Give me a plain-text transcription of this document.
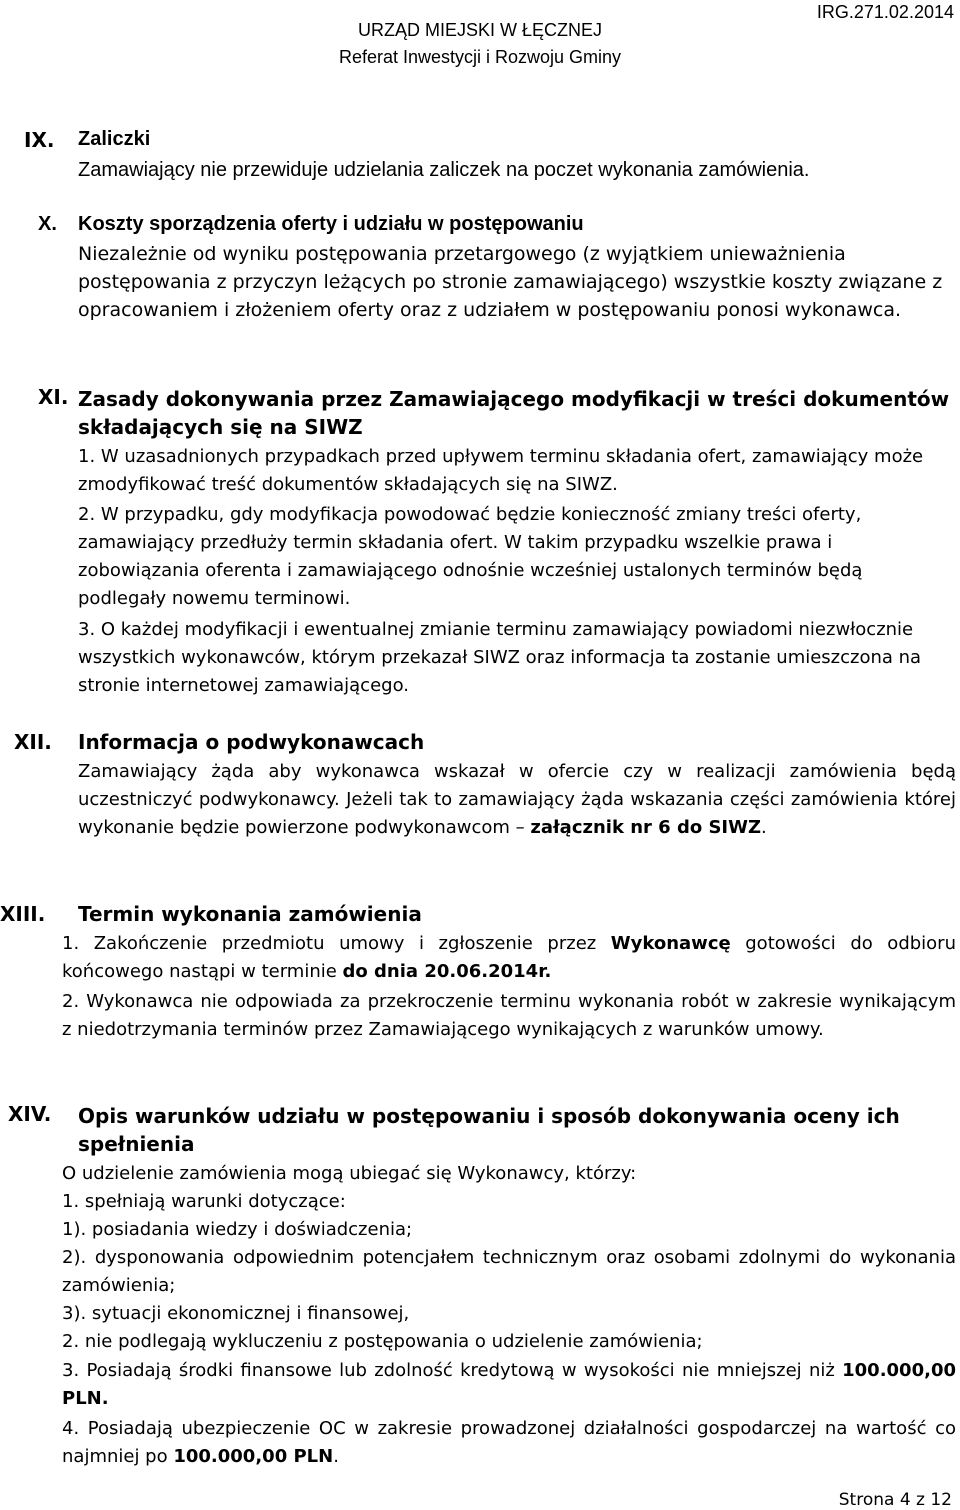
IRG.271.02.2014
URZĄD MIEJSKI W ŁĘCZNEJ
Referat Inwestycji i Rozwoju Gminy
IX. Zaliczki

Zamawiający nie przewiduje udzielania zaliczek na poczet wykonania zamówienia.

X. Koszty sporządzenia oferty i udziału w postępowaniu

Niezależnie od wyniku postępowania przetargowego (z wyjątkiem unieważnienia postępowania z przyczyn leżących po stronie zamawiającego) wszystkie koszty związane z opracowaniem i złożeniem oferty oraz z udziałem w postępowaniu ponosi wykonawca.

XI. Zasady dokonywania przez Zamawiającego modyfikacji w treści dokumentów składających się na SIWZ

1. W uzasadnionych przypadkach przed upływem terminu składania ofert, zamawiający może zmodyfikować treść dokumentów składających się na SIWZ.

2. W przypadku, gdy modyfikacja powodować będzie konieczność zmiany treści oferty, zamawiający przedłuży termin składania ofert. W takim przypadku wszelkie prawa i zobowiązania oferenta i zamawiającego odnośnie wcześniej ustalonych terminów będą podlegały nowemu terminowi.

3. O każdej modyfikacji i ewentualnej zmianie terminu zamawiający powiadomi niezwłocznie wszystkich wykonawców, którym przekazał SIWZ oraz informacja ta zostanie umieszczona na stronie internetowej zamawiającego.

XII. Informacja o podwykonawcach

Zamawiający żąda aby wykonawca wskazał w ofercie czy w realizacji zamówienia będą uczestniczyć podwykonawcy. Jeżeli tak to zamawiający żąda wskazania części zamówienia której wykonanie będzie powierzone podwykonawcom – załącznik nr 6 do SIWZ.

XIII. Termin wykonania zamówienia

1. Zakończenie przedmiotu umowy i zgłoszenie przez Wykonawcę gotowości do odbioru końcowego nastąpi w terminie do dnia 20.06.2014r.

2. Wykonawca nie odpowiada za przekroczenie terminu wykonania robót w zakresie wynikającym z niedotrzymania terminów przez Zamawiającego wynikających z warunków umowy.

XIV. Opis warunków udziału w postępowaniu i sposób dokonywania oceny ich spełnienia

O udzielenie zamówienia mogą ubiegać się Wykonawcy, którzy:

1. spełniają warunki dotyczące:

1). posiadania wiedzy i doświadczenia;

2). dysponowania odpowiednim potencjałem technicznym oraz osobami zdolnymi do wykonania zamówienia;

3). sytuacji ekonomicznej i finansowej,

2. nie podlegają wykluczeniu z postępowania o udzielenie zamówienia;

3. Posiadają środki finansowe lub zdolność kredytową w wysokości nie mniejszej niż 100.000,00 PLN.

4. Posiadają ubezpieczenie OC w zakresie prowadzonej działalności gospodarczej na wartość co najmniej po 100.000,00 PLN.

Strona 4 z 12
